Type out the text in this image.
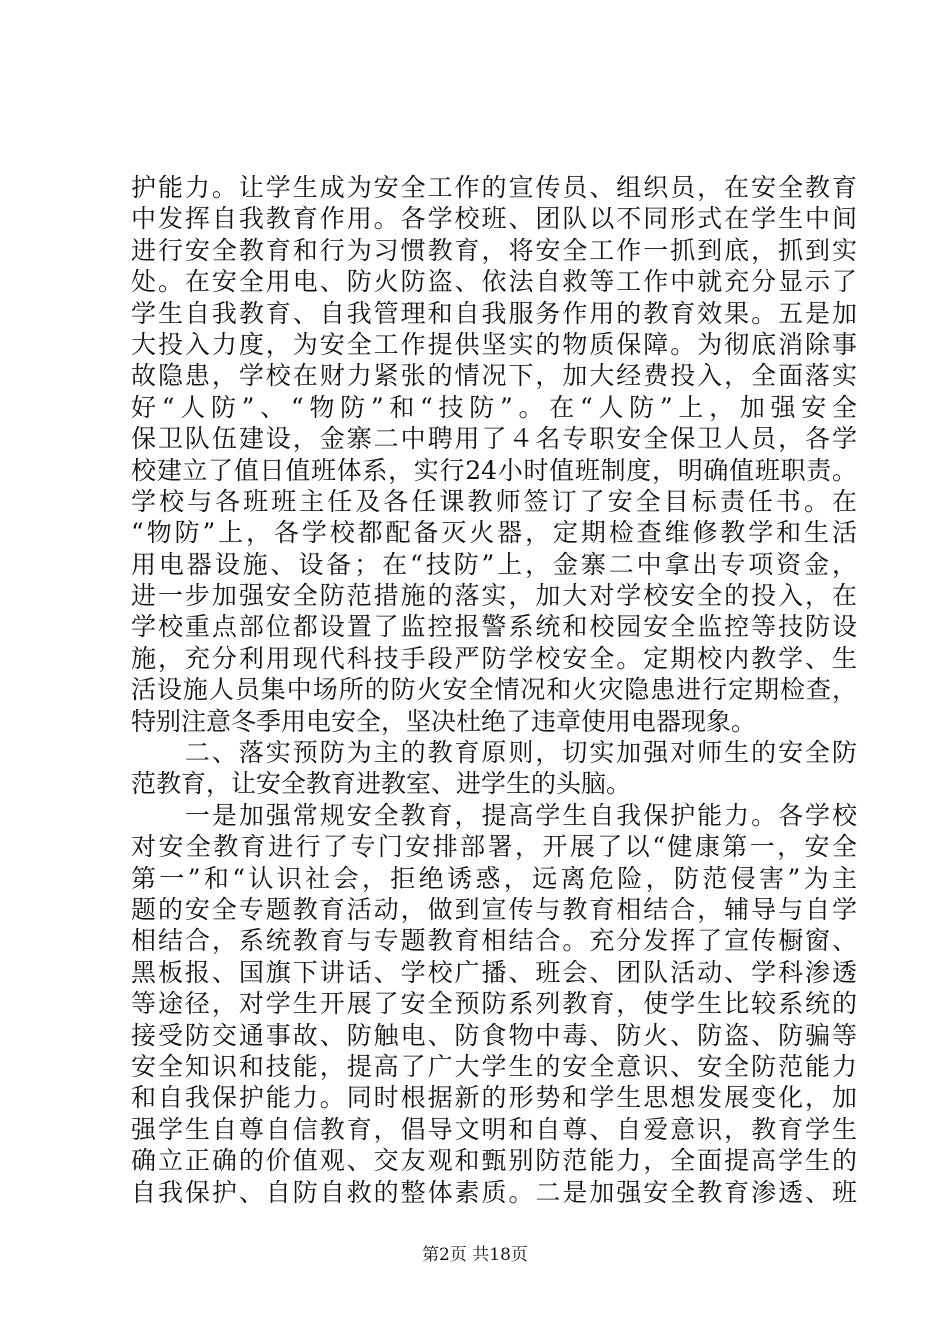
护能力。让学生成为安全工作的宣传员、组织员，在安全教育
中发挥自我教育作用。各学校班、团队以不同形式在学生中间
进行安全教育和行为习惯教育，将安全工作一抓到底，抓到实
处。在安全用电、防火防盗、依法自救等工作中就充分显示了
学生自我教育、自我管理和自我服务作用的教育效果。五是加
大投入力度，为安全工作提供坚实的物质保障。为彻底消除事
故隐患，学校在财力紧张的情况下，加大经费投入，全面落实
好“人防”、“物防”和“技防”。在“人防”上，加强安全
保卫队伍建设，金寨二中聘用了４名专职安全保卫人员，各学
校建立了值日值班体系，实行24小时值班制度，明确值班职责。
学校与各班班主任及各任课教师签订了安全目标责任书。在
“物防”上，各学校都配备灭火器，定期检查维修教学和生活
用电器设施、设备；在“技防”上，金寨二中拿出专项资金，
进一步加强安全防范措施的落实，加大对学校安全的投入，在
学校重点部位都设置了监控报警系统和校园安全监控等技防设
施，充分利用现代科技手段严防学校安全。定期校内教学、生
活设施人员集中场所的防火安全情况和火灾隐患进行定期检查，
特别注意冬季用电安全，坚决杜绝了违章使用电器现象。
　　二、落实预防为主的教育原则，切实加强对师生的安全防
范教育，让安全教育进教室、进学生的头脑。
　　一是加强常规安全教育，提高学生自我保护能力。各学校
对安全教育进行了专门安排部署，开展了以“健康第一，安全
第一”和“认识社会，拒绝诱惑，远离危险，防范侵害”为主
题的安全专题教育活动，做到宣传与教育相结合，辅导与自学
相结合，系统教育与专题教育相结合。充分发挥了宣传橱窗、
黑板报、国旗下讲话、学校广播、班会、团队活动、学科渗透
等途径，对学生开展了安全预防系列教育，使学生比较系统的
接受防交通事故、防触电、防食物中毒、防火、防盗、防骗等
安全知识和技能，提高了广大学生的安全意识、安全防范能力
和自我保护能力。同时根据新的形势和学生思想发展变化，加
强学生自尊自信教育，倡导文明和自尊、自爱意识，教育学生
确立正确的价值观、交友观和甄别防范能力，全面提高学生的
自我保护、自防自救的整体素质。二是加强安全教育渗透、班
第2页 共18页
